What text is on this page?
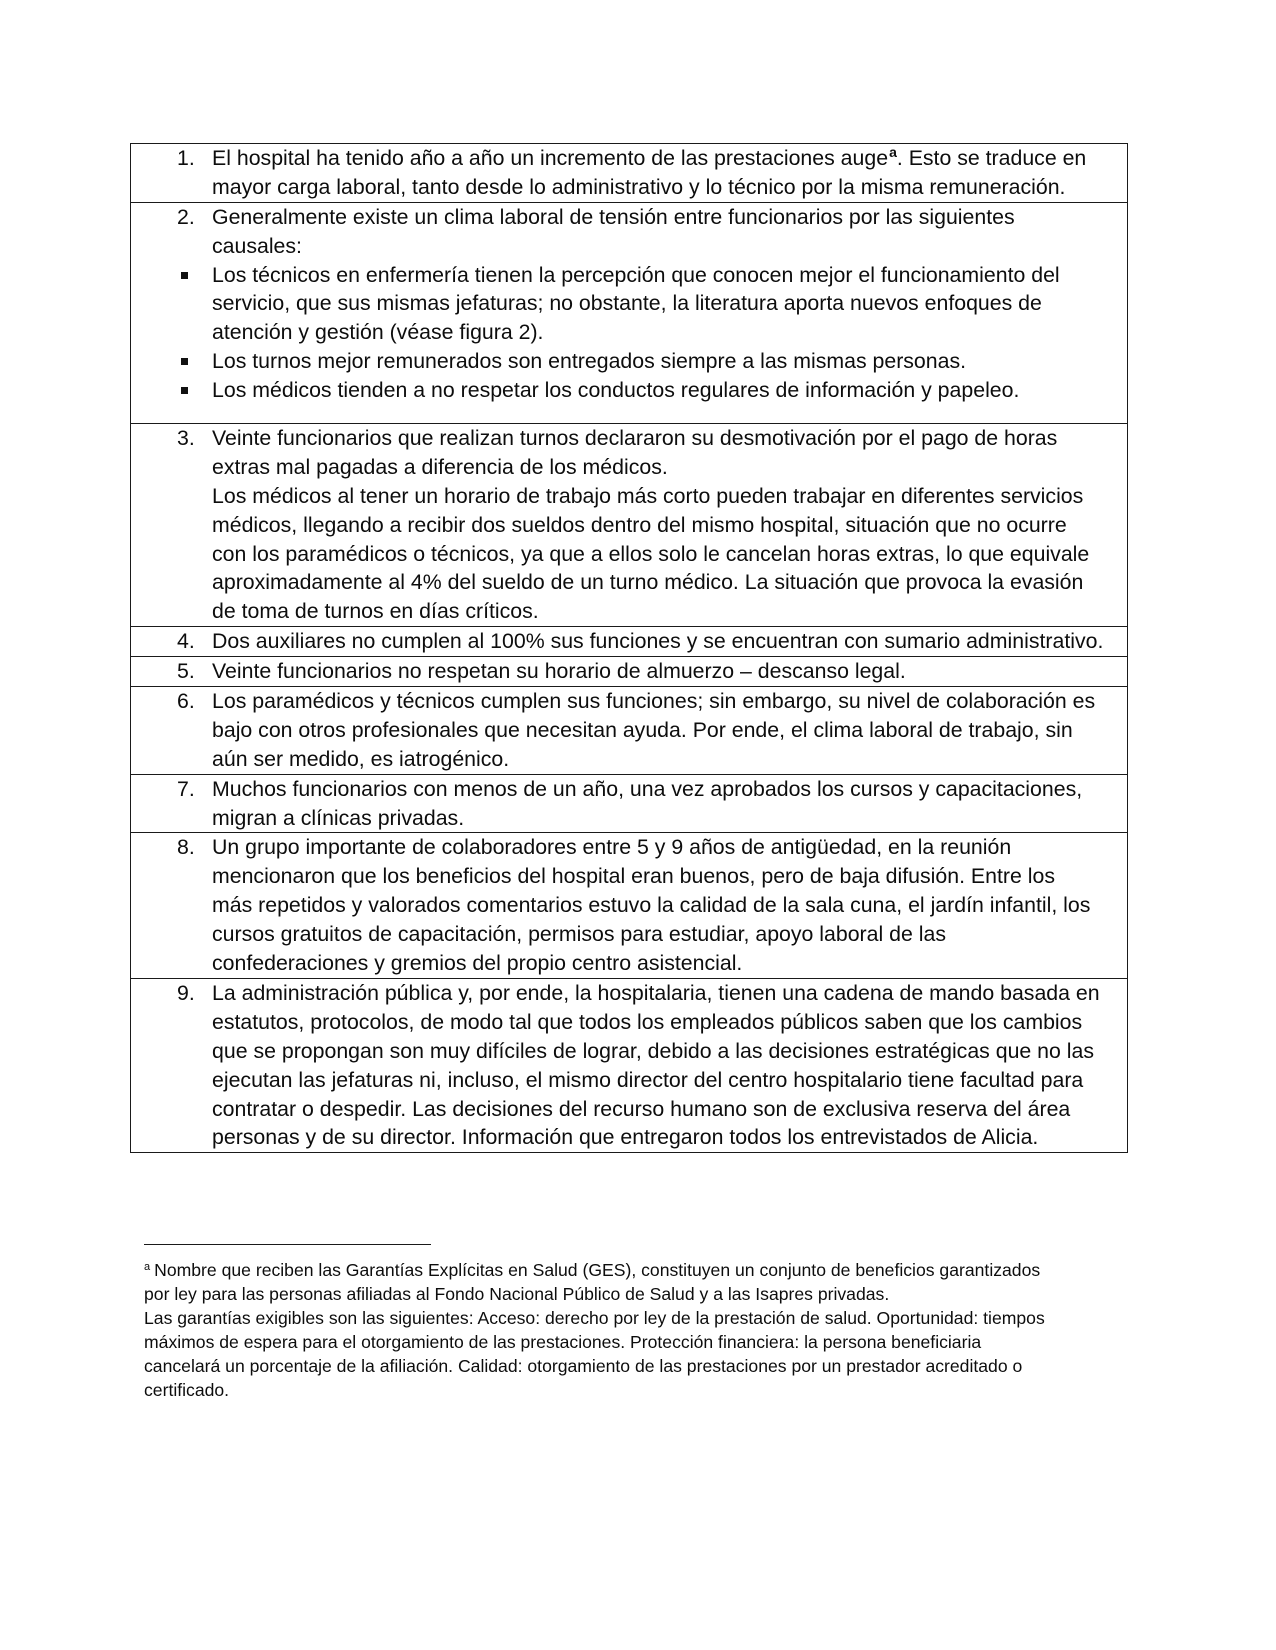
1. El hospital ha tenido año a año un incremento de las prestaciones auge$^a$. Esto se traduce en
mayor carga laboral, tanto desde lo administrativo y lo técnico por la misma remuneración.
2. Generalmente existe un clima laboral de tensión entre funcionarios por las siguientes
causales:
Los técnicos en enfermería tienen la percepción que conocen mejor el funcionamiento del
servicio, que sus mismas jefaturas; no obstante, la literatura aporta nuevos enfoques de
atención y gestión (véase figura 2).
Los turnos mejor remunerados son entregados siempre a las mismas personas.
Los médicos tienden a no respetar los conductos regulares de información y papeleo.
3. Veinte funcionarios que realizan turnos declararon su desmotivación por el pago de horas
extras mal pagadas a diferencia de los médicos.
Los médicos al tener un horario de trabajo más corto pueden trabajar en diferentes servicios
médicos, llegando a recibir dos sueldos dentro del mismo hospital, situación que no ocurre
con los paramédicos o técnicos, ya que a ellos solo le cancelan horas extras, lo que equivale
aproximadamente al 4% del sueldo de un turno médico. La situación que provoca la evasión
de toma de turnos en días críticos.
4. Dos auxiliares no cumplen al 100% sus funciones y se encuentran con sumario administrativo.
5. Veinte funcionarios no respetan su horario de almuerzo – descanso legal.
6. Los paramédicos y técnicos cumplen sus funciones; sin embargo, su nivel de colaboración es
bajo con otros profesionales que necesitan ayuda. Por ende, el clima laboral de trabajo, sin
aún ser medido, es iatrogénico.
7. Muchos funcionarios con menos de un año, una vez aprobados los cursos y capacitaciones,
migran a clínicas privadas.
8. Un grupo importante de colaboradores entre 5 y 9 años de antigüedad, en la reunión
mencionaron que los beneficios del hospital eran buenos, pero de baja difusión. Entre los
más repetidos y valorados comentarios estuvo la calidad de la sala cuna, el jardín infantil, los
cursos gratuitos de capacitación, permisos para estudiar, apoyo laboral de las
confederaciones y gremios del propio centro asistencial.
9. La administración pública y, por ende, la hospitalaria, tienen una cadena de mando basada en
estatutos, protocolos, de modo tal que todos los empleados públicos saben que los cambios
que se propongan son muy difíciles de lograr, debido a las decisiones estratégicas que no las
ejecutan las jefaturas ni, incluso, el mismo director del centro hospitalario tiene facultad para
contratar o despedir. Las decisiones del recurso humano son de exclusiva reserva del área
personas y de su director. Información que entregaron todos los entrevistados de Alicia.
$^a$ Nombre que reciben las Garantías Explícitas en Salud (GES), constituyen un conjunto de beneficios garantizados
por ley para las personas afiliadas al Fondo Nacional Público de Salud y a las Isapres privadas.
Las garantías exigibles son las siguientes: Acceso: derecho por ley de la prestación de salud. Oportunidad: tiempos
máximos de espera para el otorgamiento de las prestaciones. Protección financiera: la persona beneficiaria
cancelará un porcentaje de la afiliación. Calidad: otorgamiento de las prestaciones por un prestador acreditado o
certificado.
